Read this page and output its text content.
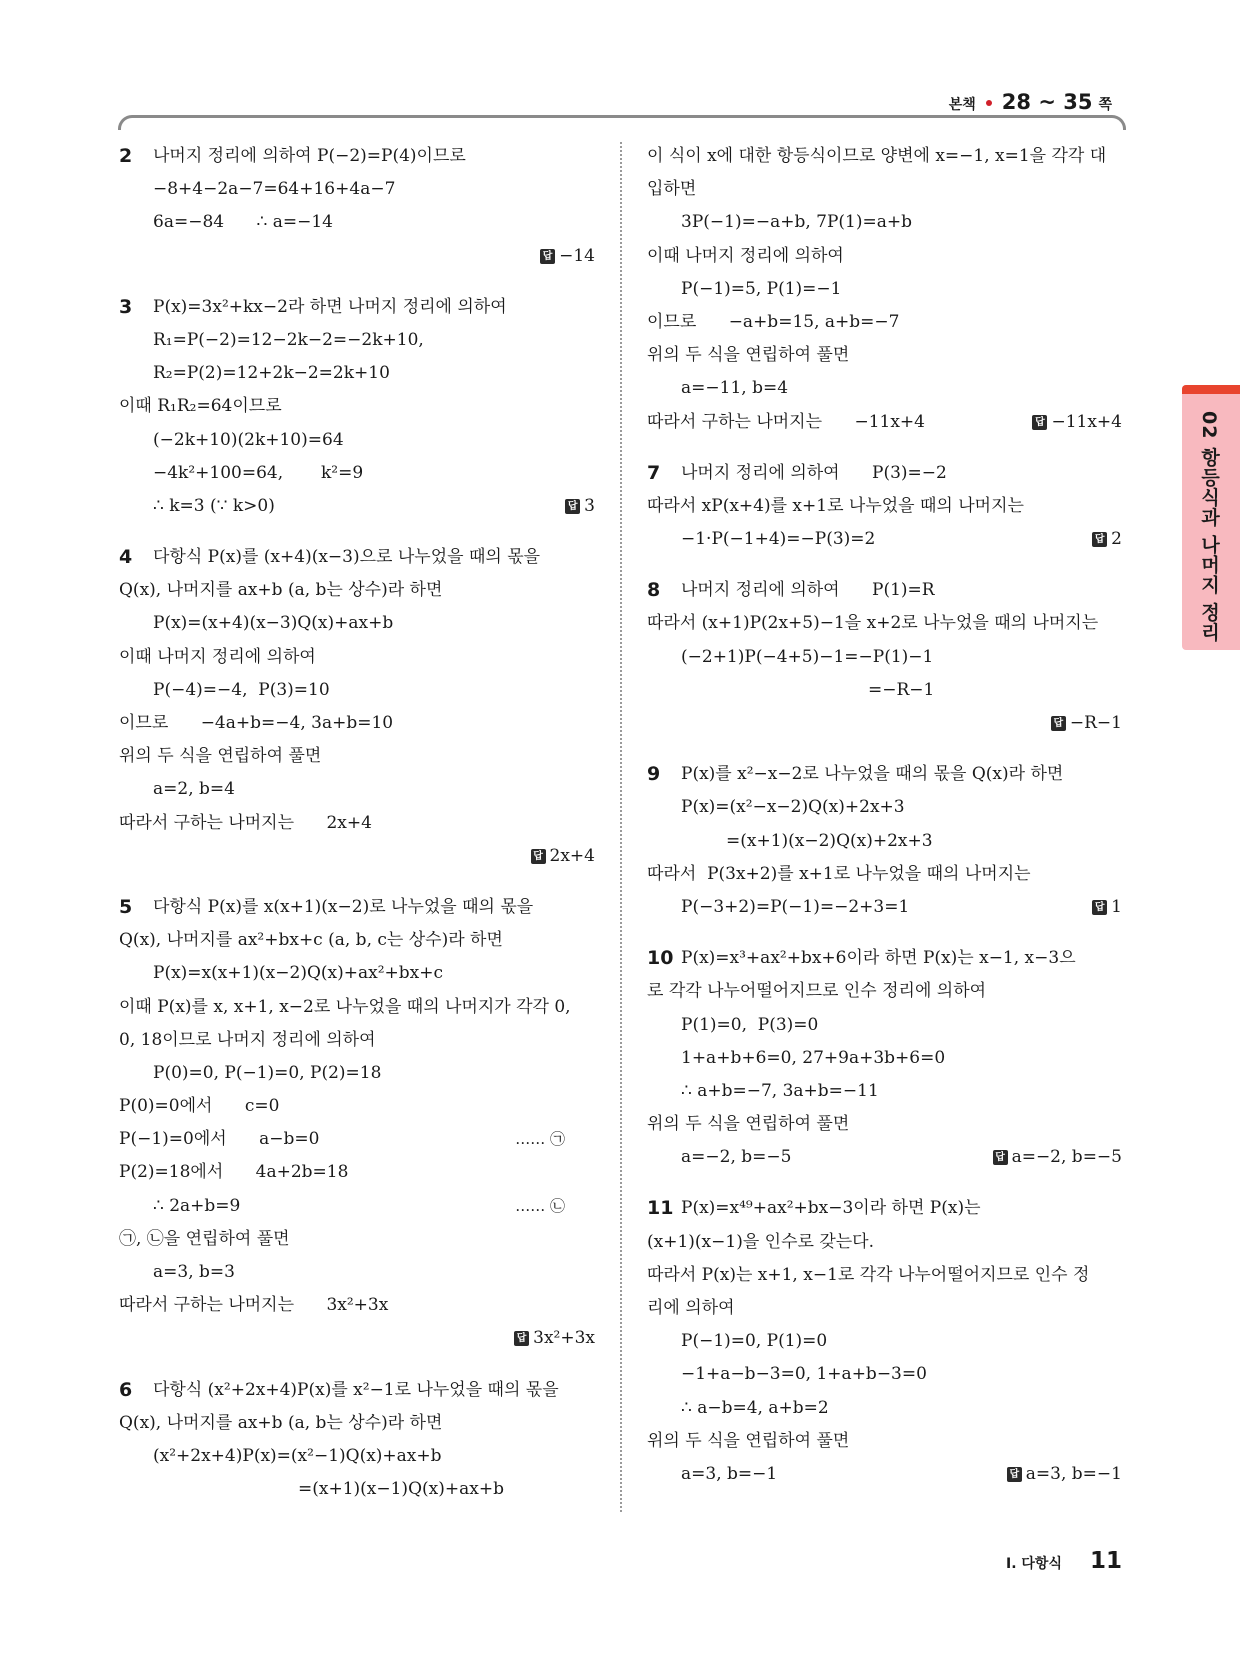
본책 28 ~ 35 쪽
2 나머지 정리에 의하여 P(−2)=P(4)이므로
−8+4−2a−7=64+16+4a−7
6a=−84      ∴ a=−14
답 −14
3 P(x)=3x²+kx−2라 하면 나머지 정리에 의하여
R₁=P(−2)=12−2k−2=−2k+10,
R₂=P(2)=12+2k−2=2k+10
이때 R₁R₂=64이므로
(−2k+10)(2k+10)=64
−4k²+100=64,       k²=9
∴ k=3 (∵ k>0)	답 3
4 다항식 P(x)를 (x+4)(x−3)으로 나누었을 때의 몫을
Q(x), 나머지를 ax+b (a, b는 상수)라 하면
P(x)=(x+4)(x−3)Q(x)+ax+b
이때 나머지 정리에 의하여
P(−4)=−4,  P(3)=10
이므로      −4a+b=−4, 3a+b=10
위의 두 식을 연립하여 풀면
a=2, b=4
따라서 구하는 나머지는      2x+4
답 2x+4
5 다항식 P(x)를 x(x+1)(x−2)로 나누었을 때의 몫을
Q(x), 나머지를 ax²+bx+c (a, b, c는 상수)라 하면
P(x)=x(x+1)(x−2)Q(x)+ax²+bx+c
이때 P(x)를 x, x+1, x−2로 나누었을 때의 나머지가 각각 0,
0, 18이므로 나머지 정리에 의하여
P(0)=0, P(−1)=0, P(2)=18
P(0)=0에서      c=0
P(−1)=0에서      a−b=0	…… ㉠
P(2)=18에서      4a+2b=18
∴ 2a+b=9	…… ㉡
㉠, ㉡을 연립하여 풀면
a=3, b=3
따라서 구하는 나머지는      3x²+3x
답 3x²+3x
6 다항식 (x²+2x+4)P(x)를 x²−1로 나누었을 때의 몫을
Q(x), 나머지를 ax+b (a, b는 상수)라 하면
(x²+2x+4)P(x)=(x²−1)Q(x)+ax+b
=(x+1)(x−1)Q(x)+ax+b
이 식이 x에 대한 항등식이므로 양변에 x=−1, x=1을 각각 대
입하면
3P(−1)=−a+b, 7P(1)=a+b
이때 나머지 정리에 의하여
P(−1)=5, P(1)=−1
이므로      −a+b=15, a+b=−7
위의 두 식을 연립하여 풀면
a=−11, b=4
따라서 구하는 나머지는      −11x+4	답 −11x+4
7 나머지 정리에 의하여      P(3)=−2
따라서 xP(x+4)를 x+1로 나누었을 때의 나머지는
−1·P(−1+4)=−P(3)=2	답 2
8 나머지 정리에 의하여      P(1)=R
따라서 (x+1)P(2x+5)−1을 x+2로 나누었을 때의 나머지는
(−2+1)P(−4+5)−1=−P(1)−1
=−R−1
답 −R−1
9 P(x)를 x²−x−2로 나누었을 때의 몫을 Q(x)라 하면
P(x)=(x²−x−2)Q(x)+2x+3
=(x+1)(x−2)Q(x)+2x+3
따라서  P(3x+2)를 x+1로 나누었을 때의 나머지는
P(−3+2)=P(−1)=−2+3=1	답 1
10 P(x)=x³+ax²+bx+6이라 하면 P(x)는 x−1, x−3으
로 각각 나누어떨어지므로 인수 정리에 의하여
P(1)=0,  P(3)=0
1+a+b+6=0, 27+9a+3b+6=0
∴ a+b=−7, 3a+b=−11
위의 두 식을 연립하여 풀면
a=−2, b=−5	답 a=−2, b=−5
11 P(x)=x⁴⁹+ax²+bx−3이라 하면 P(x)는
(x+1)(x−1)을 인수로 갖는다.
따라서 P(x)는 x+1, x−1로 각각 나누어떨어지므로 인수 정
리에 의하여
P(−1)=0, P(1)=0
−1+a−b−3=0, 1+a+b−3=0
∴ a−b=4, a+b=2
위의 두 식을 연립하여 풀면
a=3, b=−1	답 a=3, b=−1
02 항등식과 나머지 정리
I. 다항식 11
